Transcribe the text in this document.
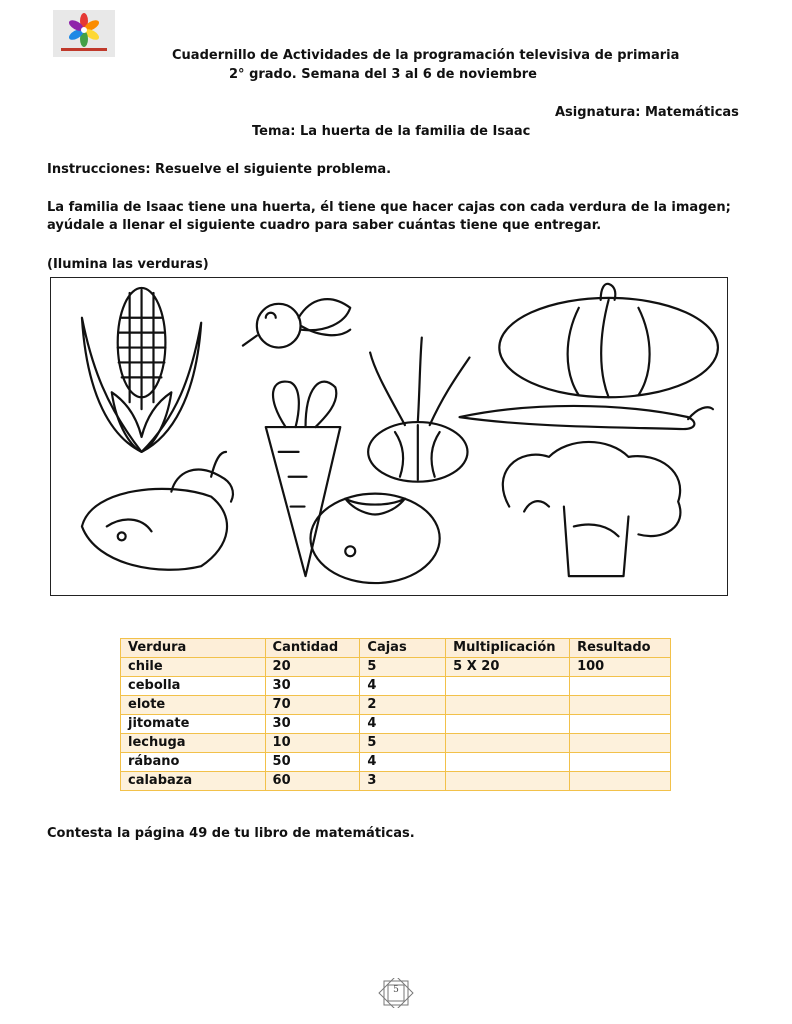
Cuadernillo de Actividades de la programación televisiva de primaria
2° grado. Semana del 3 al 6 de noviembre
Asignatura: Matemáticas
Tema: La huerta de la familia de Isaac
Instrucciones: Resuelve el siguiente problema.
La familia de Isaac tiene una huerta, él tiene que hacer cajas con cada verdura de la imagen;
ayúdale a llenar el siguiente cuadro para saber cuántas tiene que entregar.
(Ilumina las verduras)
Verdura	Cantidad	Cajas	Multiplicación	Resultado
chile	20	5	5 X 20	100
cebolla	30	4		
elote	70	2		
jitomate	30	4		
lechuga	10	5		
rábano	50	4		
calabaza	60	3		
Contesta la página 49 de tu libro de matemáticas.
5
